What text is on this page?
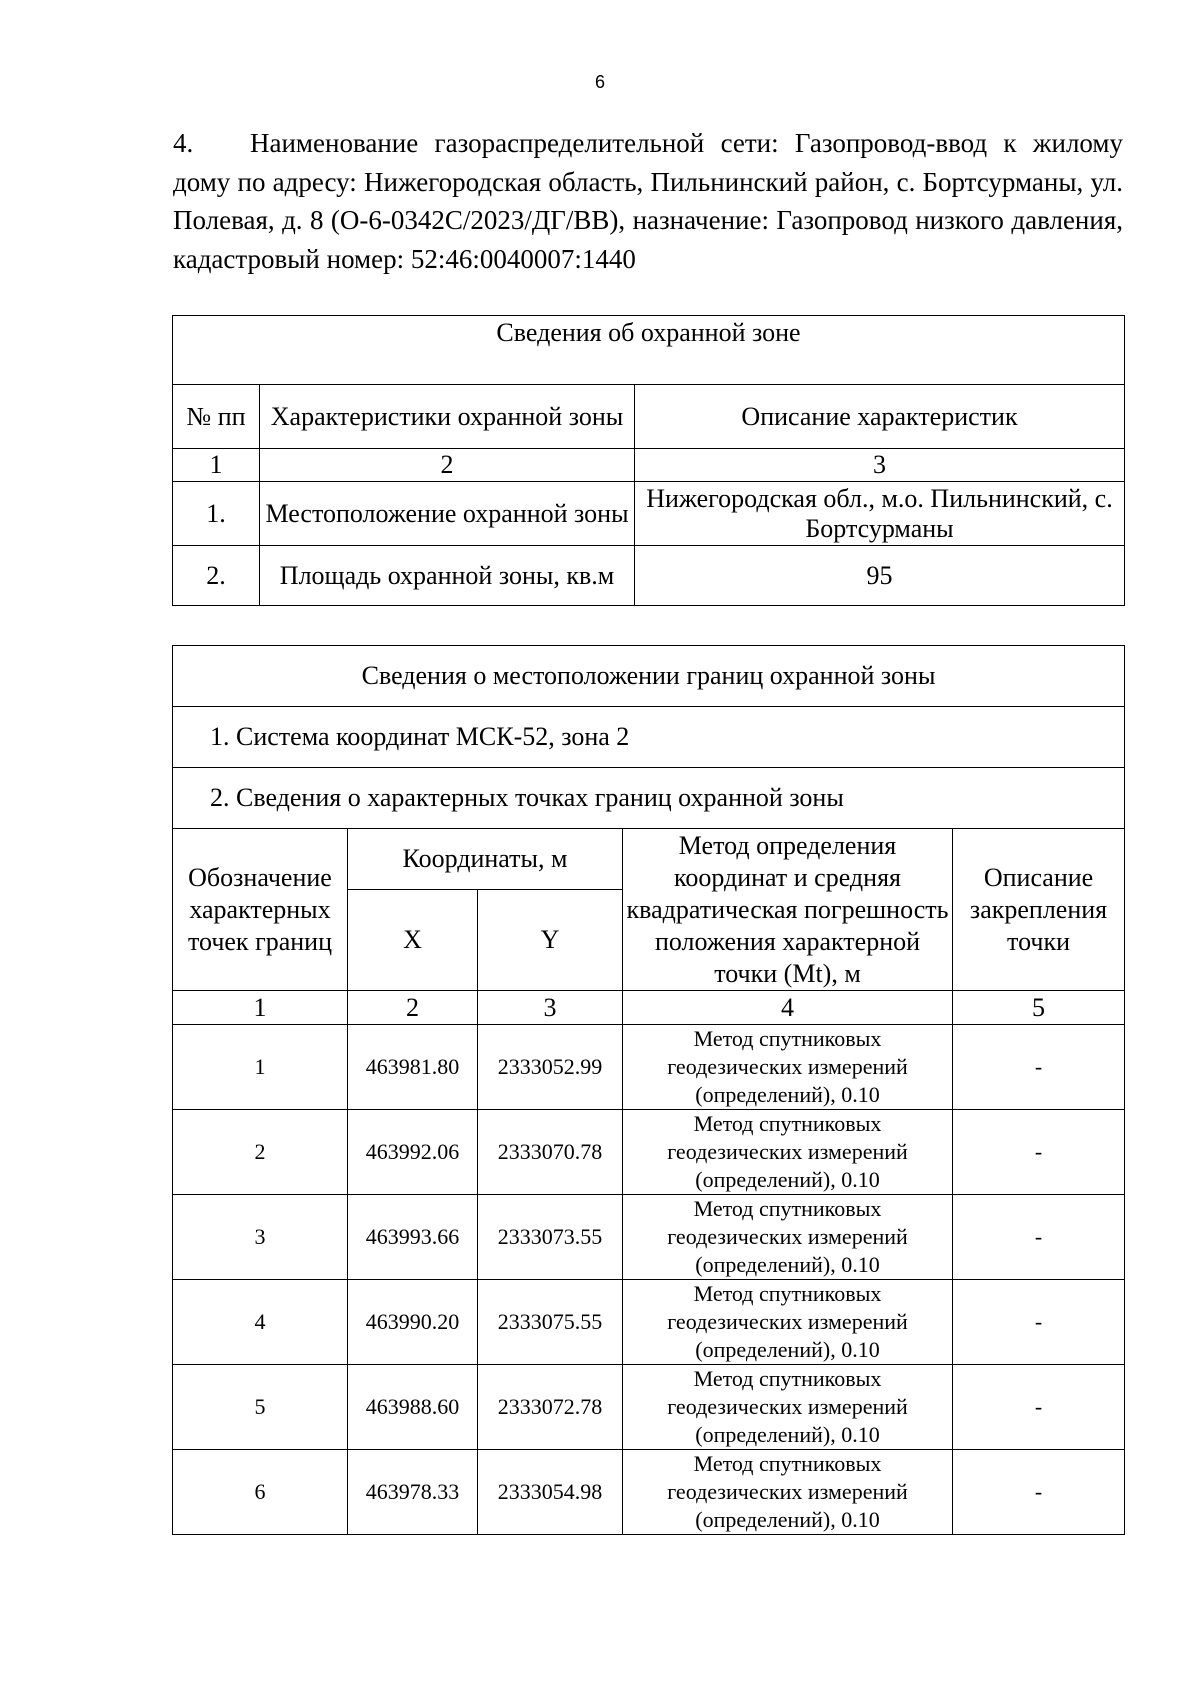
6
4. Наименование газораспределительной сети: Газопровод-ввод к жилому дому по адресу: Нижегородская область, Пильнинский район, с. Бортсурманы, ул. Полевая, д. 8 (О-6-0342С/2023/ДГ/ВВ), назначение: Газопровод низкого давления, кадастровый номер: 52:46:0040007:1440
Сведения об охранной зоне		
№ пп	Характеристики охранной зоны	Описание характеристик
1	2	3
1.	Местоположение охранной зоны	Нижегородская обл., м.о. Пильнинский, с. Бортсурманы
2.	Площадь охранной зоны, кв.м	95
Сведения о местоположении границ охранной зоны				
1. Система координат МСК-52, зона 2				
2. Сведения о характерных точках границ охранной зоны				
Обозначение характерных точек границ	Координаты, м		Метод определения координат и средняя квадратическая погрешность положения характерной точки (Mt), м	Описание закрепления точки
	X	Y		
1	2	3	4	5
1	463981.80	2333052.99	Метод спутниковых геодезических измерений (определений), 0.10	-
2	463992.06	2333070.78	Метод спутниковых геодезических измерений (определений), 0.10	-
3	463993.66	2333073.55	Метод спутниковых геодезических измерений (определений), 0.10	-
4	463990.20	2333075.55	Метод спутниковых геодезических измерений (определений), 0.10	-
5	463988.60	2333072.78	Метод спутниковых геодезических измерений (определений), 0.10	-
6	463978.33	2333054.98	Метод спутниковых геодезических измерений (определений), 0.10	-
